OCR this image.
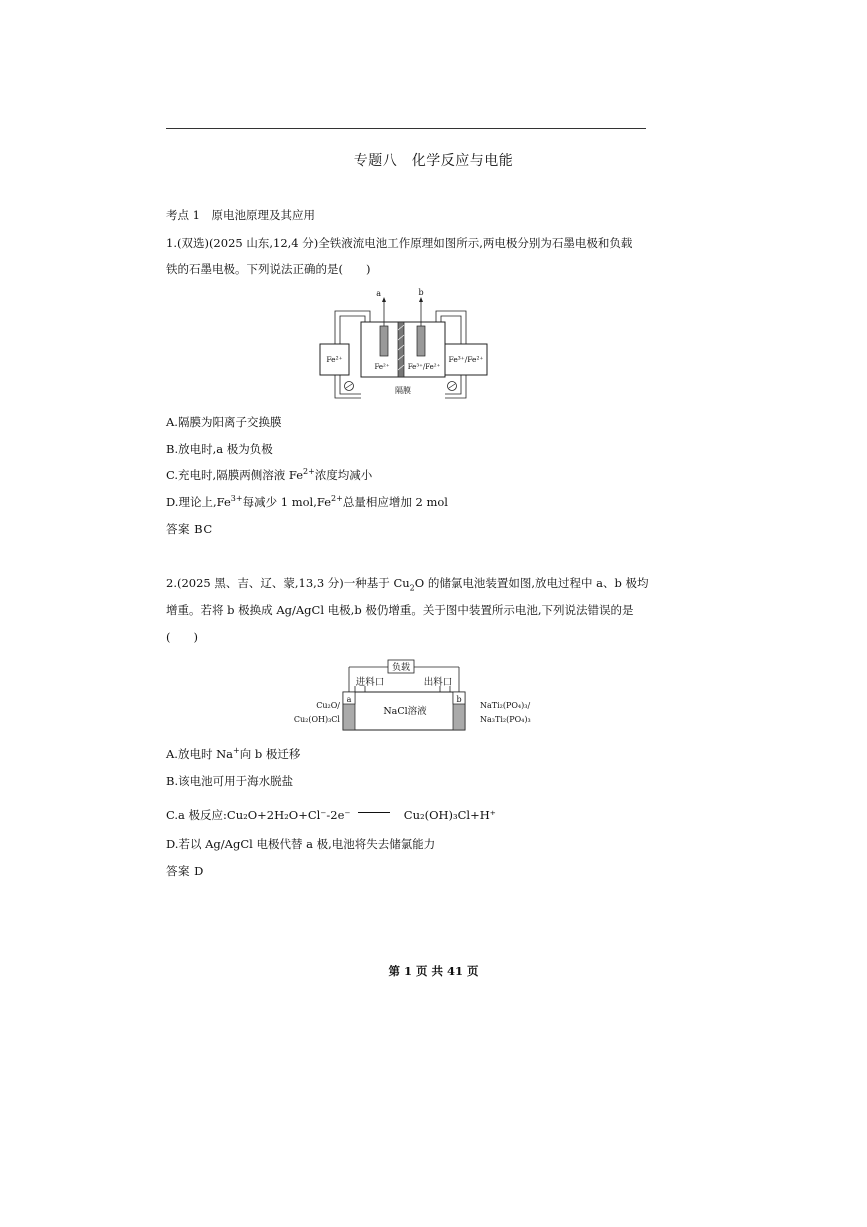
专题八　化学反应与电能
考点 1　原电池原理及其应用
1.(双选)(2025 山东,12,4 分)全铁液流电池工作原理如图所示,两电极分别为石墨电极和负载
铁的石墨电极。下列说法正确的是(　　)
Fe²⁺	Fe³⁺/Fe²⁺
a	b
Fe²⁺	Fe³⁺/Fe²⁺
隔膜
A.隔膜为阳离子交换膜
B.放电时,a 极为负极
C.充电时,隔膜两侧溶液 $Fe^{2+}$浓度均减小
D.理论上$,Fe^{3+}$每减少 1 $mol,Fe^{2+}$总量相应增加 2 mol
答案 BC
2.(2025 黑、吉、辽、蒙,13,3 分)一种基于 $Cu_2O$ 的储氯电池装置如图,放电过程中 a、b 极均
增重。若将 b 极换成 Ag/AgCl 电极,b 极仍增重。关于图中装置所示电池,下列说法错误的是
(　　)
负载
进料口	出料口
a	b
NaCl溶液
Cu₂O/
Cu₂(OH)₃Cl
NaTi₂(PO₄)₃/
Na₃Ti₂(PO₄)₃
A.放电时 Na+向 b 极迁移
B.该电池可用于海水脱盐
C.a 极反应:Cu₂O+2H₂O+Cl⁻-2e⁻	Cu₂(OH)₃Cl+H⁺
D.若以 Ag/AgCl 电极代替 a 极,电池将失去储氯能力
答案 D
第 1 页 共 41 页
